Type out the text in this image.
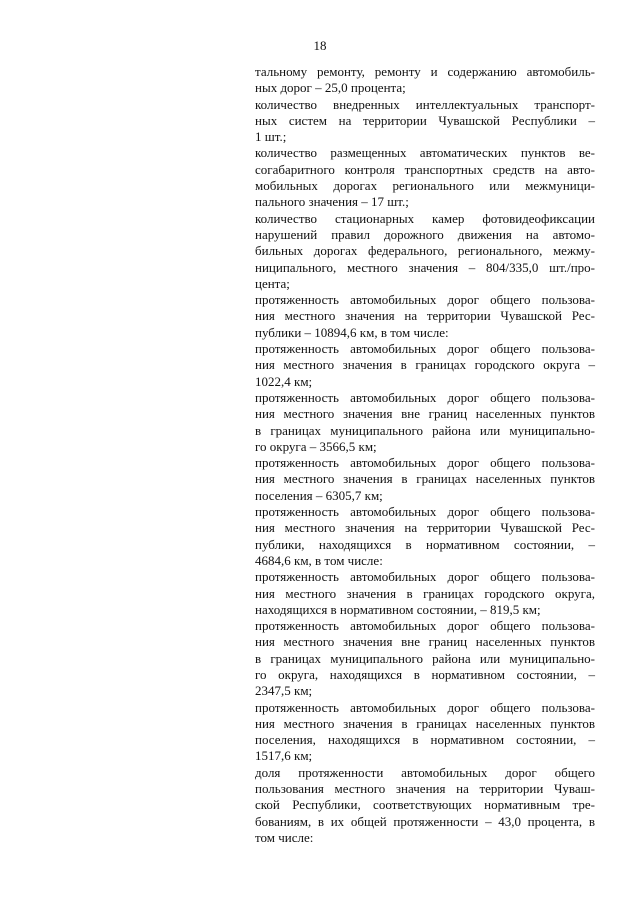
18
тальному ремонту, ремонту и содержанию автомобиль-
ных дорог – 25,0 процента;
количество внедренных интеллектуальных транспорт-
ных систем на территории Чувашской Республики –
1 шт.;
количество размещенных автоматических пунктов ве-
согабаритного контроля транспортных средств на авто-
мобильных дорогах регионального или межмуници-
пального значения – 17 шт.;
количество стационарных камер фотовидеофиксации
нарушений правил дорожного движения на автомо-
бильных дорогах федерального, регионального, межму-
ниципального, местного значения – 804/335,0 шт./про-
цента;
протяженность автомобильных дорог общего пользова-
ния местного значения на территории Чувашской Рес-
публики – 10894,6 км, в том числе:
протяженность автомобильных дорог общего пользова-
ния местного значения в границах городского округа –
1022,4 км;
протяженность автомобильных дорог общего пользова-
ния местного значения вне границ населенных пунктов
в границах муниципального района или муниципально-
го округа – 3566,5 км;
протяженность автомобильных дорог общего пользова-
ния местного значения в границах населенных пунктов
поселения – 6305,7 км;
протяженность автомобильных дорог общего пользова-
ния местного значения на территории Чувашской Рес-
публики, находящихся в нормативном состоянии, –
4684,6 км, в том числе:
протяженность автомобильных дорог общего пользова-
ния местного значения в границах городского округа,
находящихся в нормативном состоянии, – 819,5 км;
протяженность автомобильных дорог общего пользова-
ния местного значения вне границ населенных пунктов
в границах муниципального района или муниципально-
го округа, находящихся в нормативном состоянии, –
2347,5 км;
протяженность автомобильных дорог общего пользова-
ния местного значения в границах населенных пунктов
поселения, находящихся в нормативном состоянии, –
1517,6 км;
доля протяженности автомобильных дорог общего
пользования местного значения на территории Чуваш-
ской Республики, соответствующих нормативным тре-
бованиям, в их общей протяженности – 43,0 процента, в
том числе:
